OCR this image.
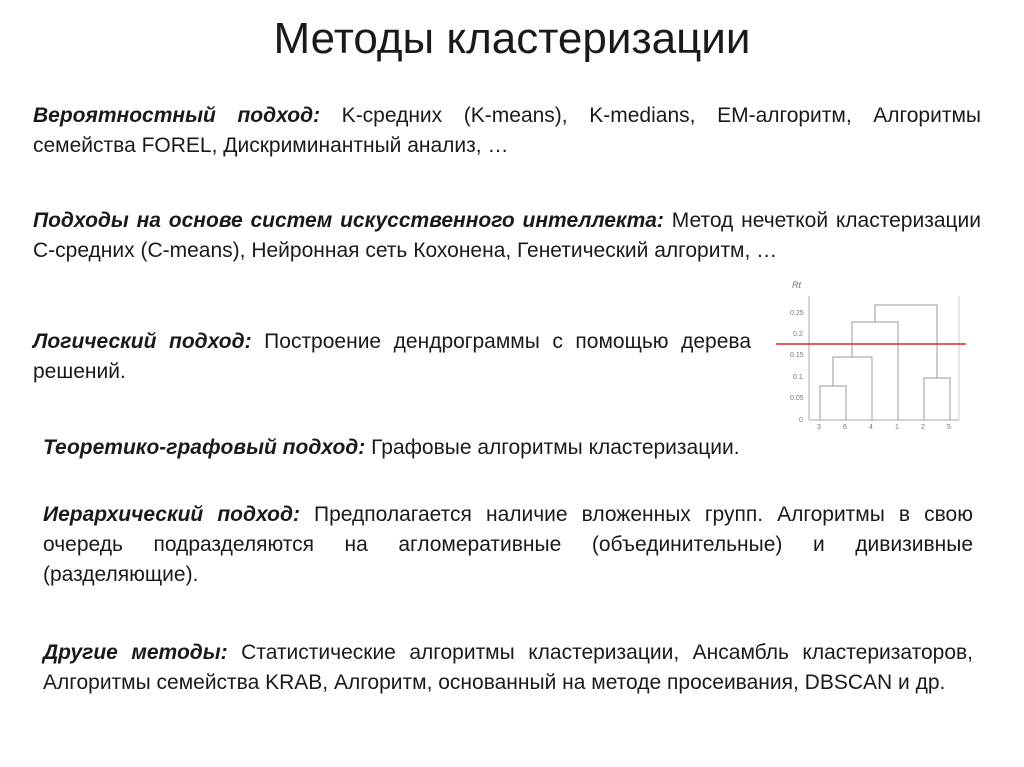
Методы кластеризации

Вероятностный подход: K-средних (K-means), K-medians, EM-алгоритм, Алгоритмы семейства FOREL, Дискриминантный анализ, …

Подходы на основе систем искусственного интеллекта: Метод нечеткой кластеризации C-средних (C-means), Нейронная сеть Кохонена, Генетический алгоритм, …

Логический подход: Построение дендрограммы с помощью дерева решений.

Теоретико-графовый подход: Графовые алгоритмы кластеризации.

Иерархический подход: Предполагается наличие вложенных групп. Алгоритмы в свою очередь подразделяются на агломеративные (объединительные) и дивизивные (разделяющие).

Другие методы: Статистические алгоритмы кластеризации, Ансамбль кластеризаторов, Алгоритмы семейства KRAB, Алгоритм, основанный на методе просеивания, DBSCAN и др.

Rt
0.25
0.2
0.15
0.1
0.05
0
3	6	4	1	2	5
